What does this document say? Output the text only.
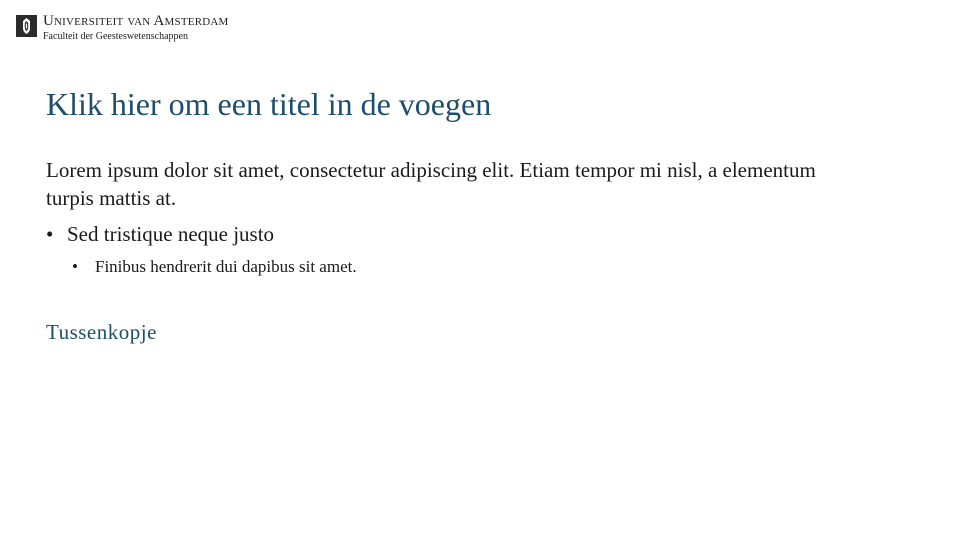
Universiteit van Amsterdam
Faculteit der Geesteswetenschappen
Klik hier om een titel in de voegen

Lorem ipsum dolor sit amet, consectetur adipiscing elit. Etiam tempor mi nisl, a elementum turpis mattis at.

• Sed tristique neque justo
• Finibus hendrerit dui dapibus sit amet.
Tussenkopje
